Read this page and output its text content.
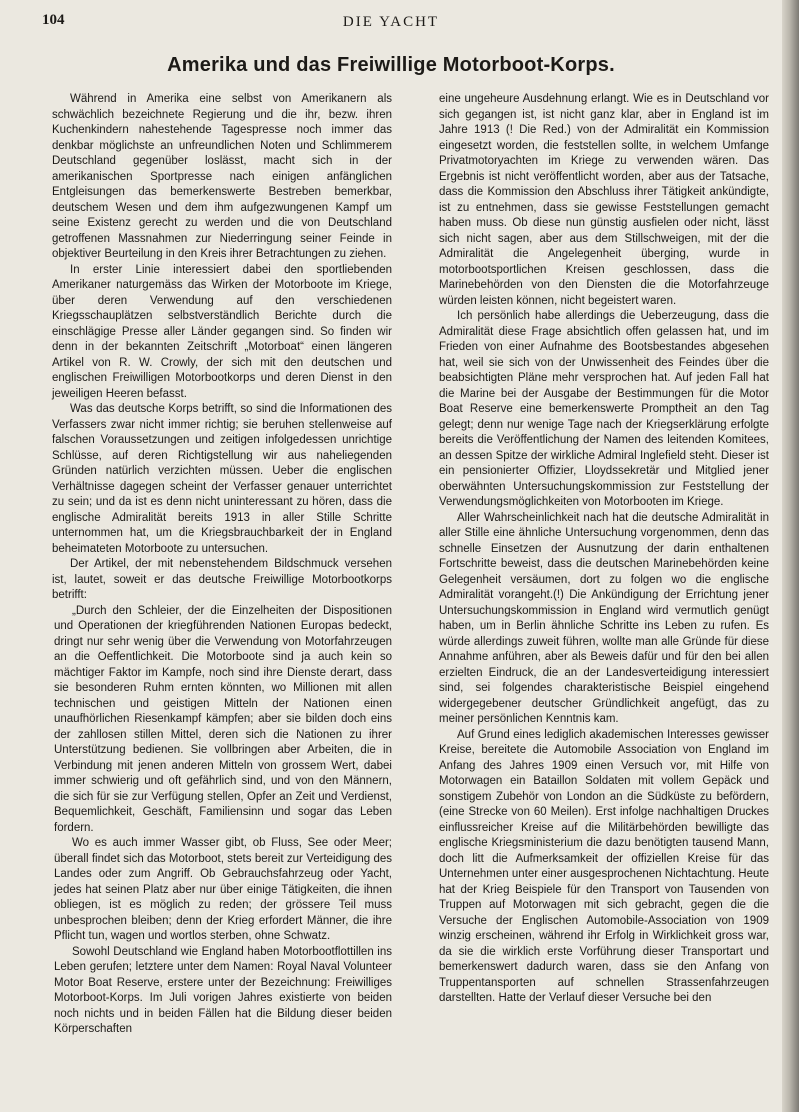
104	DIE YACHT
Amerika und das Freiwillige Motorboot-Korps.

Während in Amerika eine selbst von Amerikanern als schwächlich bezeichnete Regierung und die ihr, bezw. ihren Kuchenkindern nahestehende Tagespresse noch immer das denkbar möglichste an unfreundlichen Noten und Schlimmerem Deutschland gegenüber loslässt, macht sich in der amerikanischen Sportpresse nach einigen anfänglichen Entgleisungen das bemerkenswerte Bestreben bemerkbar, deutschem Wesen und dem ihm aufgezwungenen Kampf um seine Existenz gerecht zu werden und die von Deutschland getroffenen Massnahmen zur Niederringung seiner Feinde in objektiver Beurteilung in den Kreis ihrer Betrachtungen zu ziehen.

In erster Linie interessiert dabei den sportliebenden Amerikaner naturgemäss das Wirken der Motorboote im Kriege, über deren Verwendung auf den verschiedenen Kriegsschauplätzen selbstverständlich Berichte durch die einschlägige Presse aller Länder gegangen sind. So finden wir denn in der bekannten Zeitschrift „Motorboat“ einen längeren Artikel von R. W. Crowly, der sich mit den deutschen und englischen Freiwilligen Motorbootkorps und deren Dienst in den jeweiligen Heeren befasst.

Was das deutsche Korps betrifft, so sind die Informationen des Verfassers zwar nicht immer richtig; sie beruhen stellenweise auf falschen Voraussetzungen und zeitigen infolgedessen unrichtige Schlüsse, auf deren Richtigstellung wir aus naheliegenden Gründen natürlich verzichten müssen. Ueber die englischen Verhältnisse dagegen scheint der Verfasser genauer unterrichtet zu sein; und da ist es denn nicht uninteressant zu hören, dass die englische Admiralität bereits 1913 in aller Stille Schritte unternommen hat, um die Kriegsbrauchbarkeit der in England beheimateten Motorboote zu untersuchen.

Der Artikel, der mit nebenstehendem Bildschmuck versehen ist, lautet, soweit er das deutsche Freiwillige Motorbootkorps betrifft:

„Durch den Schleier, der die Einzelheiten der Dispositionen und Operationen der kriegführenden Nationen Europas bedeckt, dringt nur sehr wenig über die Verwendung von Motorfahrzeugen an die Oeffentlichkeit. Die Motorboote sind ja auch kein so mächtiger Faktor im Kampfe, noch sind ihre Dienste derart, dass sie besonderen Ruhm ernten könnten, wo Millionen mit allen technischen und geistigen Mitteln der Nationen einen unaufhörlichen Riesenkampf kämpfen; aber sie bilden doch eins der zahllosen stillen Mittel, deren sich die Nationen zu ihrer Unterstützung bedienen. Sie vollbringen aber Arbeiten, die in Verbindung mit jenen anderen Mitteln von grossem Wert, dabei immer schwierig und oft gefährlich sind, und von den Männern, die sich für sie zur Verfügung stellen, Opfer an Zeit und Verdienst, Bequemlichkeit, Geschäft, Familiensinn und sogar das Leben fordern.

Wo es auch immer Wasser gibt, ob Fluss, See oder Meer; überall findet sich das Motorboot, stets bereit zur Verteidigung des Landes oder zum Angriff. Ob Gebrauchsfahrzeug oder Yacht, jedes hat seinen Platz aber nur über einige Tätigkeiten, die ihnen obliegen, ist es möglich zu reden; der grössere Teil muss unbesprochen bleiben; denn der Krieg erfordert Männer, die ihre Pflicht tun, wagen und wortlos sterben, ohne Schwatz.

Sowohl Deutschland wie England haben Motorbootflottillen ins Leben gerufen; letztere unter dem Namen: Royal Naval Volunteer Motor Boat Reserve, erstere unter der Bezeichnung: Freiwilliges Motorboot-Korps. Im Juli vorigen Jahres existierte von beiden noch nichts und in beiden Fällen hat die Bildung dieser beiden Körperschaften

eine ungeheure Ausdehnung erlangt. Wie es in Deutschland vor sich gegangen ist, ist nicht ganz klar, aber in England ist im Jahre 1913 (! Die Red.) von der Admiralität ein Kommission eingesetzt worden, die feststellen sollte, in welchem Umfange Privatmotoryachten im Kriege zu verwenden wären. Das Ergebnis ist nicht veröffentlicht worden, aber aus der Tatsache, dass die Kommission den Abschluss ihrer Tätigkeit ankündigte, ist zu entnehmen, dass sie gewisse Feststellungen gemacht haben muss. Ob diese nun günstig ausfielen oder nicht, lässt sich nicht sagen, aber aus dem Stillschweigen, mit der die Admiralität die Angelegenheit überging, wurde in motorbootsportlichen Kreisen geschlossen, dass die Marinebehörden von den Diensten die die Motorfahrzeuge würden leisten können, nicht begeistert waren.

Ich persönlich habe allerdings die Ueberzeugung, dass die Admiralität diese Frage absichtlich offen gelassen hat, und im Frieden von einer Aufnahme des Bootsbestandes abgesehen hat, weil sie sich von der Unwissenheit des Feindes über die beabsichtigten Pläne mehr versprochen hat. Auf jeden Fall hat die Marine bei der Ausgabe der Bestimmungen für die Motor Boat Reserve eine bemerkenswerte Promptheit an den Tag gelegt; denn nur wenige Tage nach der Kriegserklärung erfolgte bereits die Veröffentlichung der Namen des leitenden Komitees, an dessen Spitze der wirkliche Admiral Inglefield steht. Dieser ist ein pensionierter Offizier, Lloydssekretär und Mitglied jener oberwähnten Untersuchungskommission zur Feststellung der Verwendungsmöglichkeiten von Motorbooten im Kriege.

Aller Wahrscheinlichkeit nach hat die deutsche Admiralität in aller Stille eine ähnliche Untersuchung vorgenommen, denn das schnelle Einsetzen der Ausnutzung der darin enthaltenen Fortschritte beweist, dass die deutschen Marinebehörden keine Gelegenheit versäumen, dort zu folgen wo die englische Admiralität vorangeht.(!) Die Ankündigung der Errichtung jener Untersuchungskommission in England wird vermutlich genügt haben, um in Berlin ähnliche Schritte ins Leben zu rufen. Es würde allerdings zuweit führen, wollte man alle Gründe für diese Annahme anführen, aber als Beweis dafür und für den bei allen erzielten Eindruck, die an der Landesverteidigung interessiert sind, sei folgendes charakteristische Beispiel eingehend widergegebener deutscher Gründlichkeit angefügt, das zu meiner persönlichen Kenntnis kam.

Auf Grund eines lediglich akademischen Interesses gewisser Kreise, bereitete die Automobile Association von England im Anfang des Jahres 1909 einen Versuch vor, mit Hilfe von Motorwagen ein Bataillon Soldaten mit vollem Gepäck und sonstigem Zubehör von London an die Südküste zu befördern, (eine Strecke von 60 Meilen). Erst infolge nachhaltigen Druckes einflussreicher Kreise auf die Militärbehörden bewilligte das englische Kriegsministerium die dazu benötigten tausend Mann, doch litt die Aufmerksamkeit der offiziellen Kreise für das Unternehmen unter einer ausgesprochenen Nichtachtung. Heute hat der Krieg Beispiele für den Transport von Tausenden von Truppen auf Motorwagen mit sich gebracht, gegen die die Versuche der Englischen Automobile-Association von 1909 winzig erscheinen, während ihr Erfolg in Wirklichkeit gross war, da sie die wirklich erste Vorführung dieser Transportart und bemerkenswert dadurch waren, dass sie den Anfang von Truppentansporten auf schnellen Strassenfahrzeugen darstellten. Hatte der Verlauf dieser Versuche bei den
